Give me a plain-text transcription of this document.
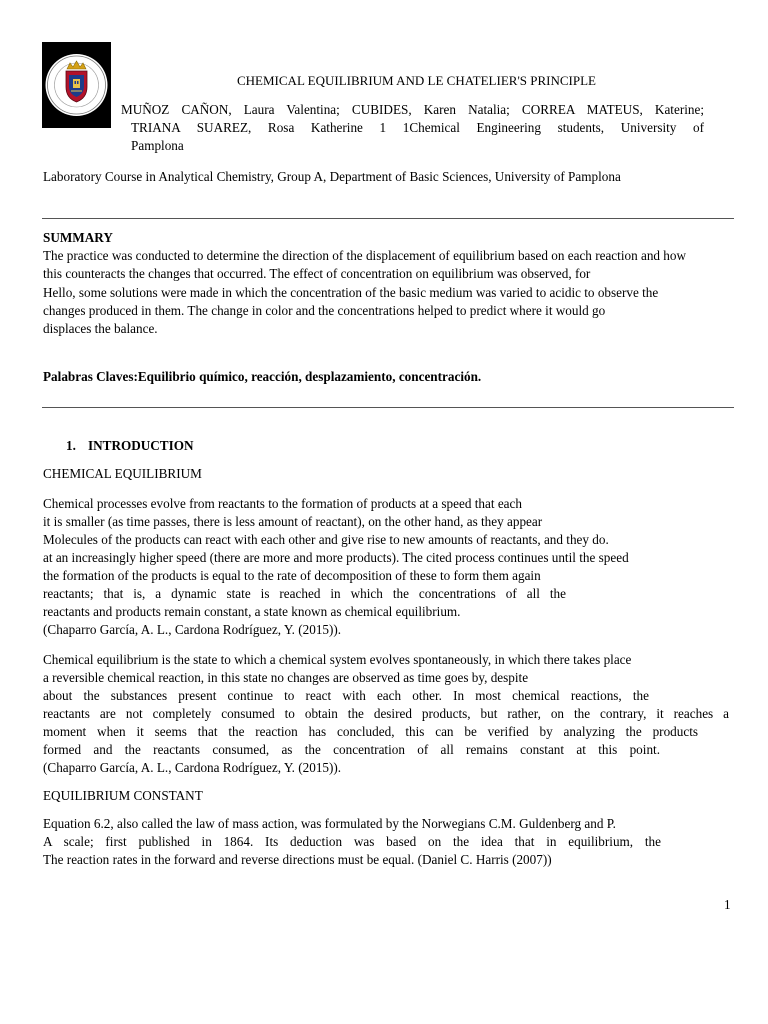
CHEMICAL EQUILIBRIUM AND LE CHATELIER'S PRINCIPLE
MUÑOZ CAÑON, Laura Valentina; CUBIDES, Karen Natalia; CORREA MATEUS, Katerine;
TRIANA SUAREZ, Rosa Katherine 1 1Chemical Engineering students, University of
Pamplona
Laboratory Course in Analytical Chemistry, Group A, Department of Basic Sciences, University of Pamplona
SUMMARY
The practice was conducted to determine the direction of the displacement of equilibrium based on each reaction and how
this counteracts the changes that occurred. The effect of concentration on equilibrium was observed, for
Hello, some solutions were made in which the concentration of the basic medium was varied to acidic to observe the
changes produced in them. The change in color and the concentrations helped to predict where it would go
displaces the balance.
Palabras Claves:Equilibrio químico, reacción, desplazamiento, concentración.
1. INTRODUCTION
CHEMICAL EQUILIBRIUM
Chemical processes evolve from reactants to the formation of products at a speed that each
it is smaller (as time passes, there is less amount of reactant), on the other hand, as they appear
Molecules of the products can react with each other and give rise to new amounts of reactants, and they do.
at an increasingly higher speed (there are more and more products). The cited process continues until the speed
the formation of the products is equal to the rate of decomposition of these to form them again
reactants; that is, a dynamic state is reached in which the concentrations of all the
reactants and products remain constant, a state known as chemical equilibrium.
(Chaparro García, A. L., Cardona Rodríguez, Y. (2015)).
Chemical equilibrium is the state to which a chemical system evolves spontaneously, in which there takes place
a reversible chemical reaction, in this state no changes are observed as time goes by, despite
about the substances present continue to react with each other. In most chemical reactions, the
reactants are not completely consumed to obtain the desired products, but rather, on the contrary, it reaches a
moment when it seems that the reaction has concluded, this can be verified by analyzing the products
formed and the reactants consumed, as the concentration of all remains constant at this point.
(Chaparro García, A. L., Cardona Rodríguez, Y. (2015)).
EQUILIBRIUM CONSTANT
Equation 6.2, also called the law of mass action, was formulated by the Norwegians C.M. Guldenberg and P.
A scale; first published in 1864. Its deduction was based on the idea that in equilibrium, the
The reaction rates in the forward and reverse directions must be equal. (Daniel C. Harris (2007))
1
